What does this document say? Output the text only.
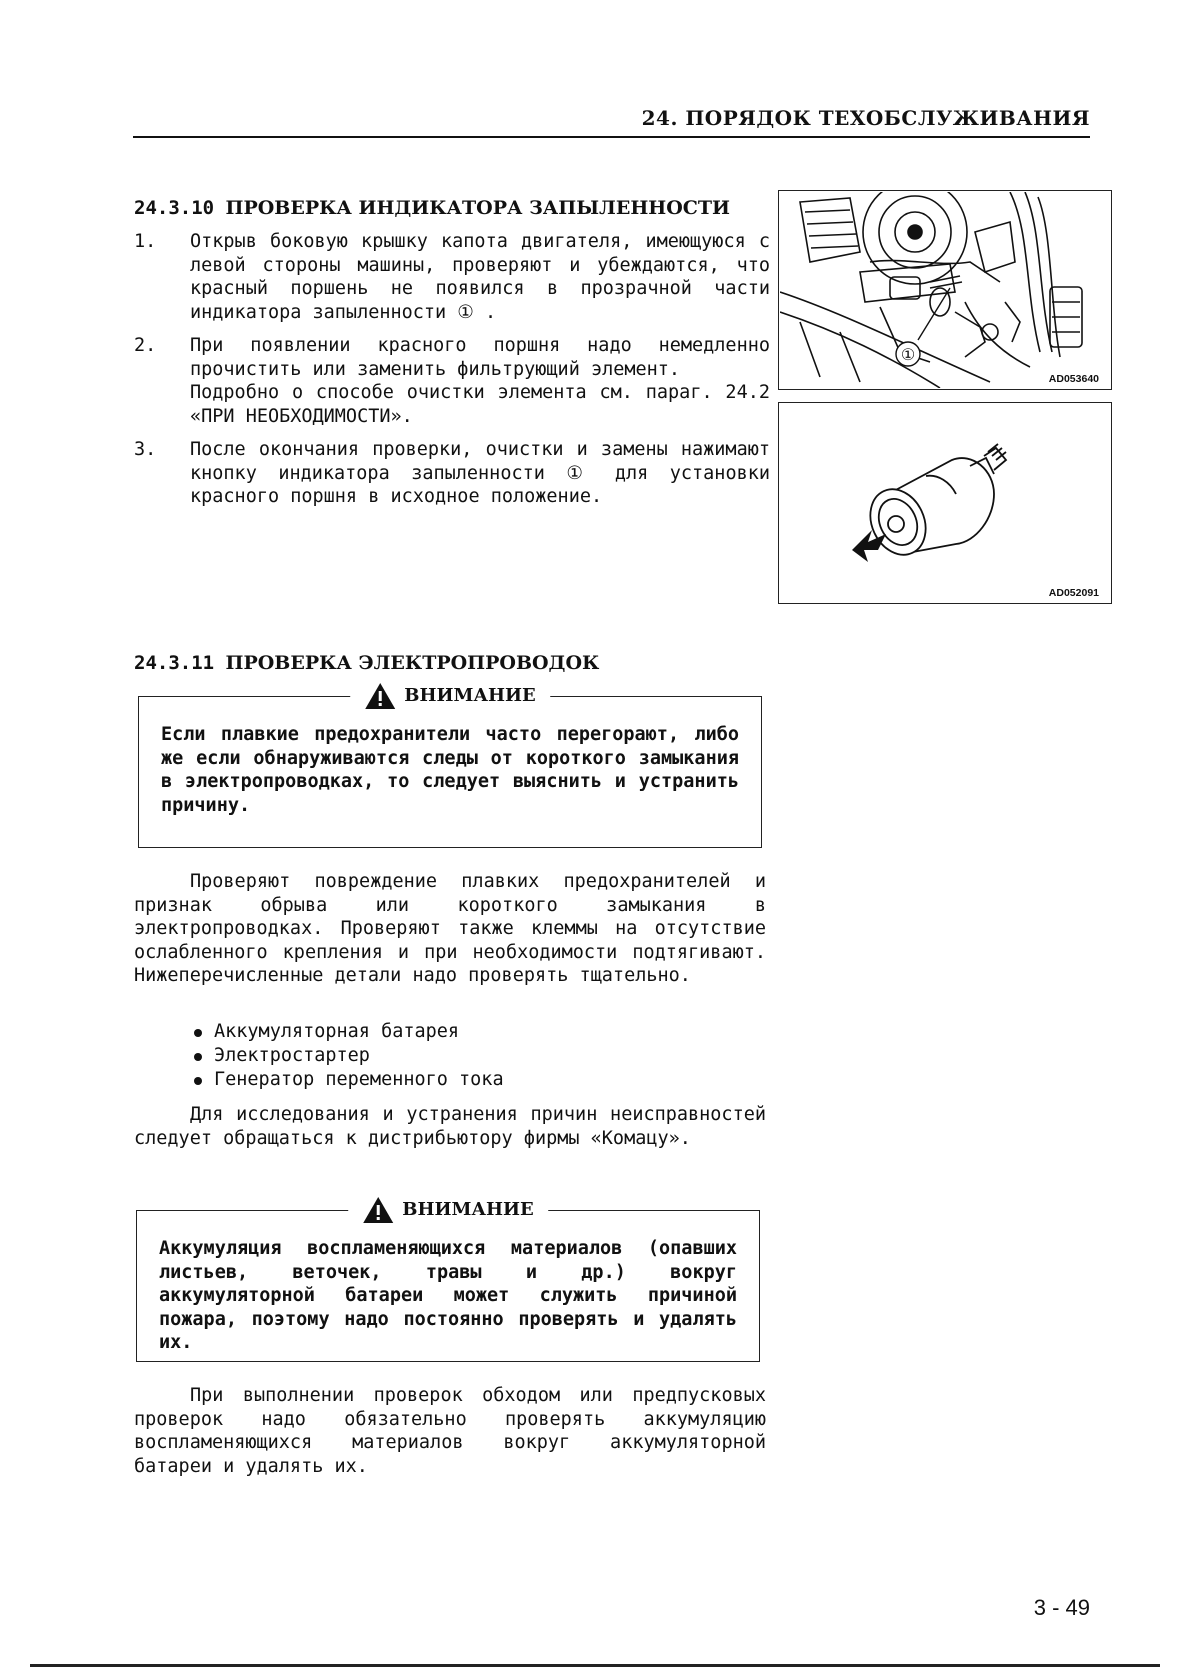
24. ПОРЯДОК ТЕХОБСЛУЖИВАНИЯ
24.3.10 ПРОВЕРКА ИНДИКАТОРА ЗАПЫЛЕННОСТИ
1. Открыв боковую крышку капота двигателя, имеющуюся с левой стороны машины, проверяют и убеждаются, что красный поршень не появился в прозрачной части индикатора запыленности ① .

2. При появлении красного поршня надо немедленно прочистить или заменить фильтрующий элемент.

Подробно о способе очистки элемента см. параг. 24.2 «ПРИ НЕОБХОДИМОСТИ».

3. После окончания проверки, очистки и замены нажимают кнопку индикатора запыленности ① для установки красного поршня в исходное положение.

①
AD053640
AD052091
24.3.11 ПРОВЕРКА ЭЛЕКТРОПРОВОДОК
ВНИМАНИЕ
Если плавкие предохранители часто перегорают, либо же если обнаруживаются следы от короткого замыкания в электропроводках, то следует выяснить и устранить причину.

Проверяют повреждение плавких предохранителей и признак обрыва или короткого замыкания в электропроводках. Проверяют также клеммы на отсутствие ослабленного крепления и при необходимости подтягивают. Нижеперечисленные детали надо проверять тщательно.

Аккумуляторная батарея
Электростартер
Генератор переменного тока

Для исследования и устранения причин неисправностей следует обращаться к дистрибьютору фирмы «Комацу».

ВНИМАНИЕ
Аккумуляция воспламеняющихся материалов (опавших листьев, веточек, травы и др.) вокруг аккумуляторной батареи может служить причиной пожара, поэтому надо постоянно проверять и удалять их.

При выполнении проверок обходом или предпусковых проверок надо обязательно проверять аккумуляцию воспламеняющихся материалов вокруг аккумуляторной батареи и удалять их.

3 - 49
